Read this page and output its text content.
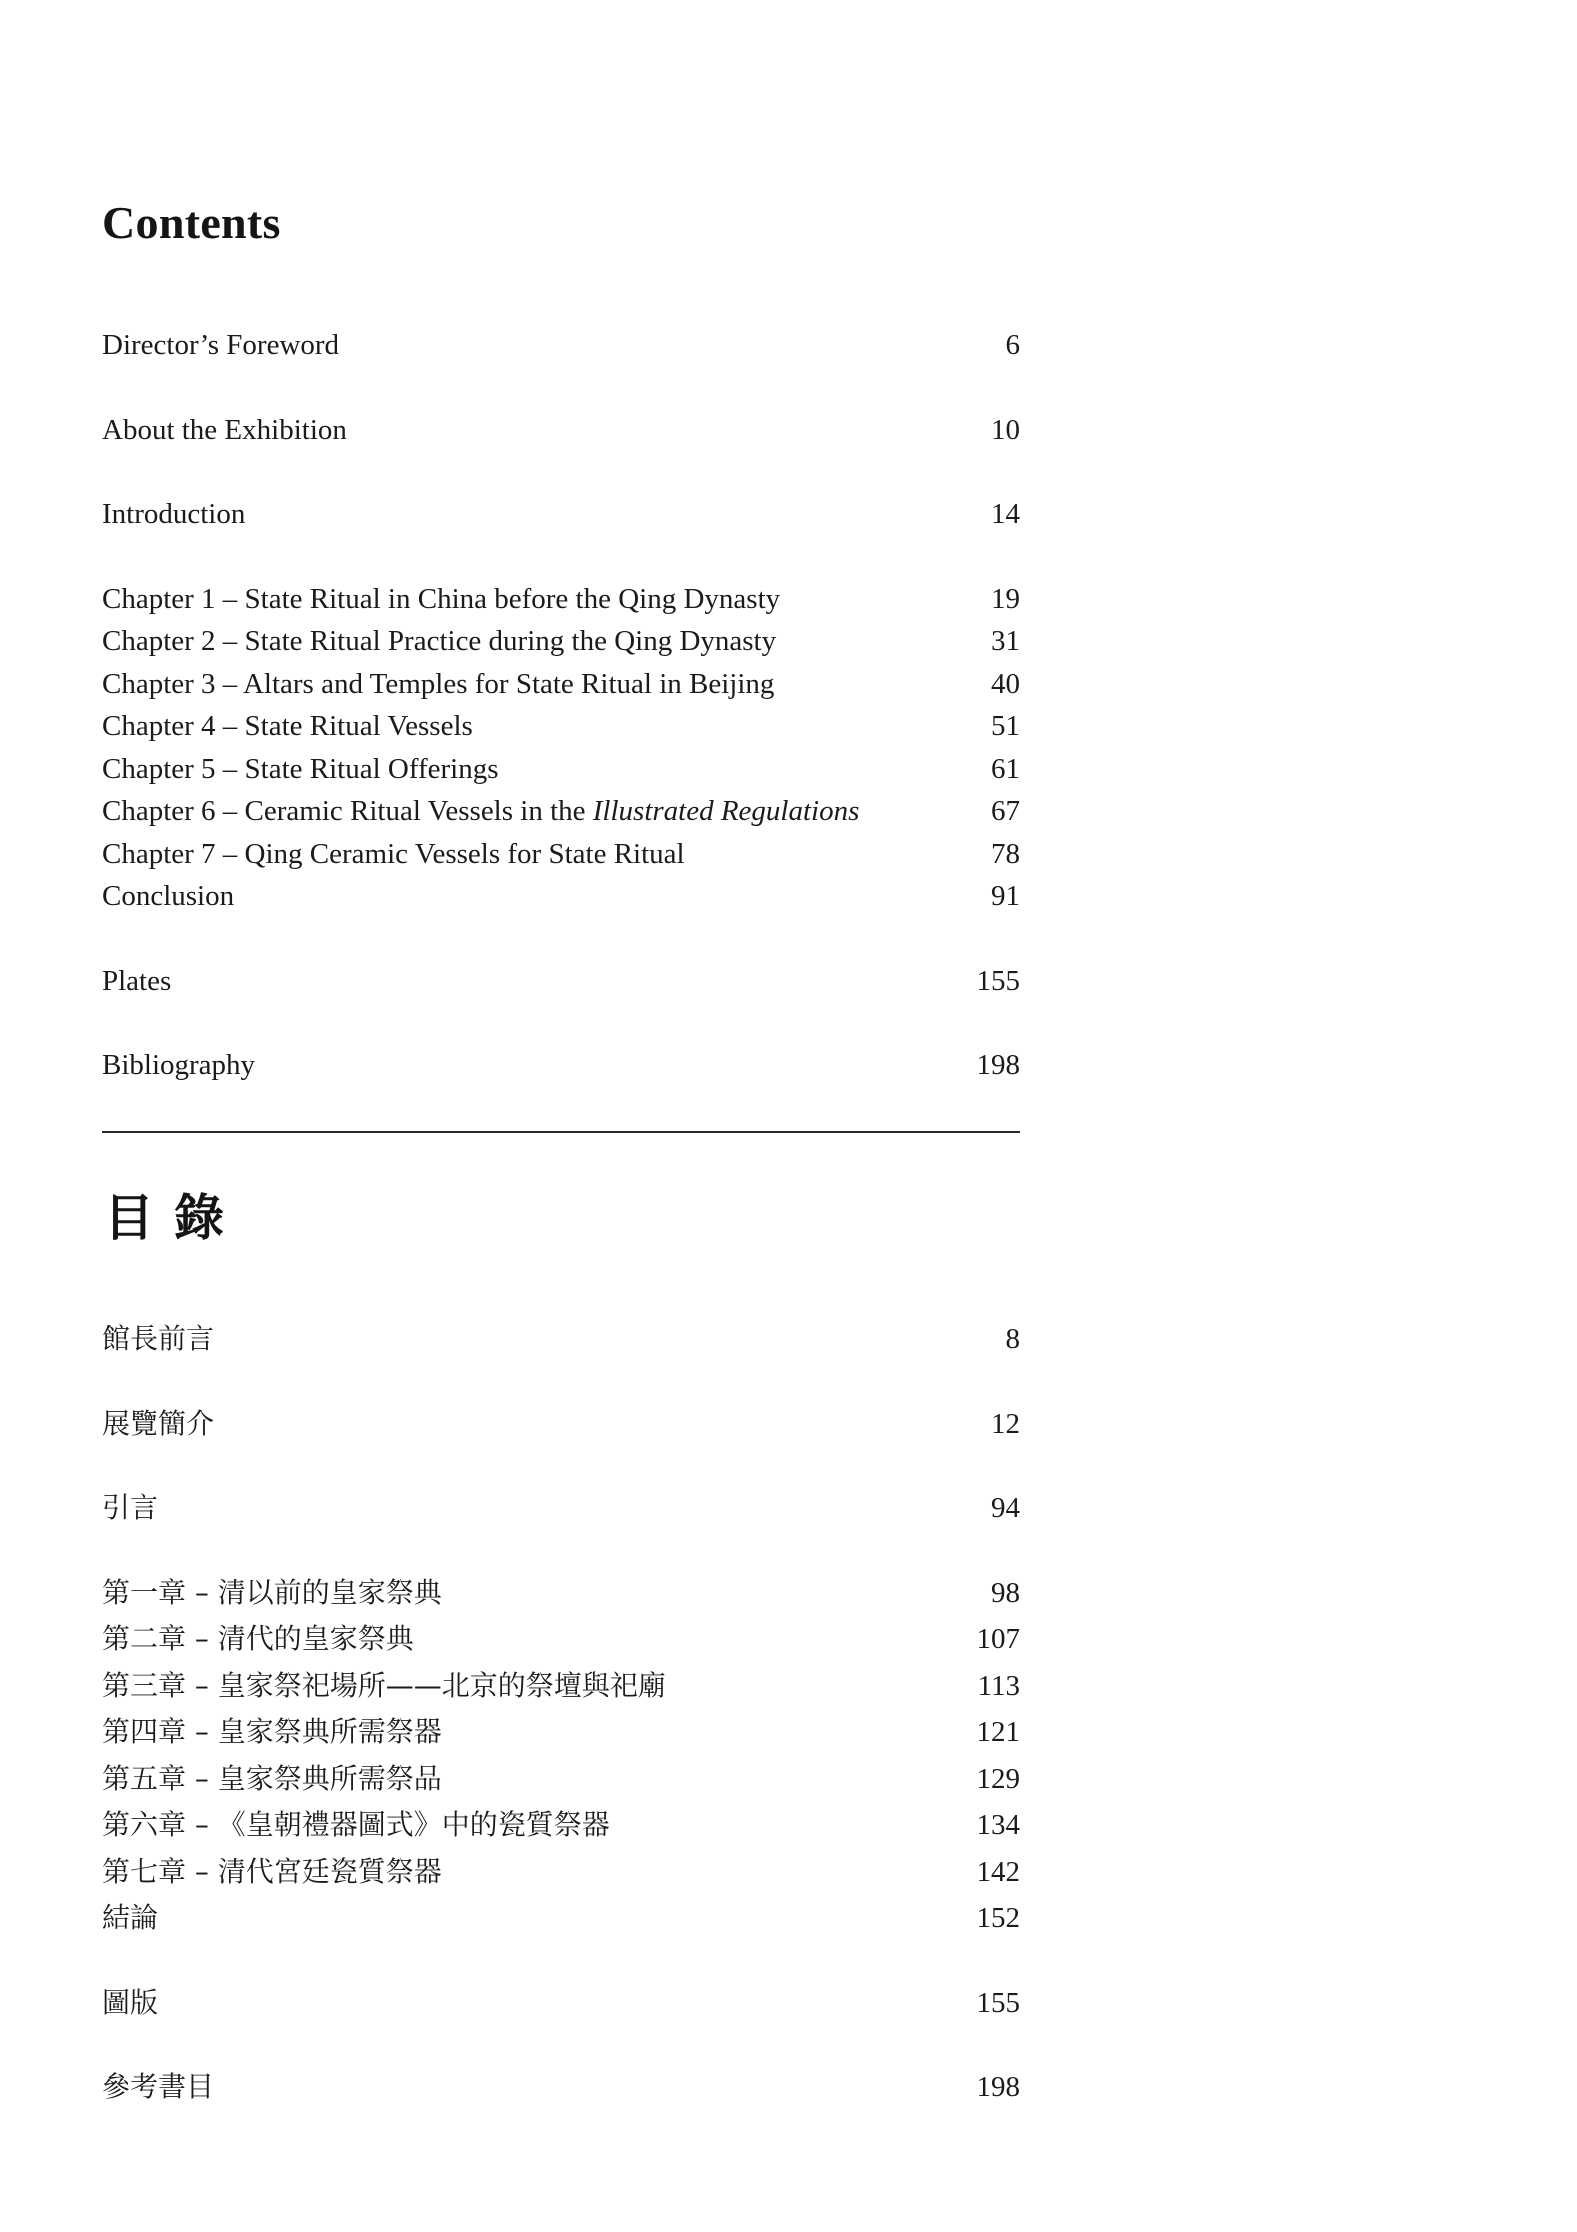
Contents
Director’s Foreword	6
About the Exhibition	10
Introduction	14
Chapter 1 – State Ritual in China before the Qing Dynasty	19
Chapter 2 – State Ritual Practice during the Qing Dynasty	31
Chapter 3 – Altars and Temples for State Ritual in Beijing	40
Chapter 4 – State Ritual Vessels	51
Chapter 5 – State Ritual Offerings	61
Chapter 6 – Ceramic Ritual Vessels in the Illustrated Regulations	67
Chapter 7 – Qing Ceramic Vessels for State Ritual	78
Conclusion	91
Plates	155
Bibliography	198
目錄
館長前言	8
展覽簡介	12
引言	94
第一章 – 清以前的皇家祭典	98
第二章 – 清代的皇家祭典	107
第三章 – 皇家祭祀場所——北京的祭壇與祀廟	113
第四章 – 皇家祭典所需祭器	121
第五章 – 皇家祭典所需祭品	129
第六章 – 《皇朝禮器圖式》中的瓷質祭器	134
第七章 – 清代宮廷瓷質祭器	142
結論	152
圖版	155
參考書目	198
